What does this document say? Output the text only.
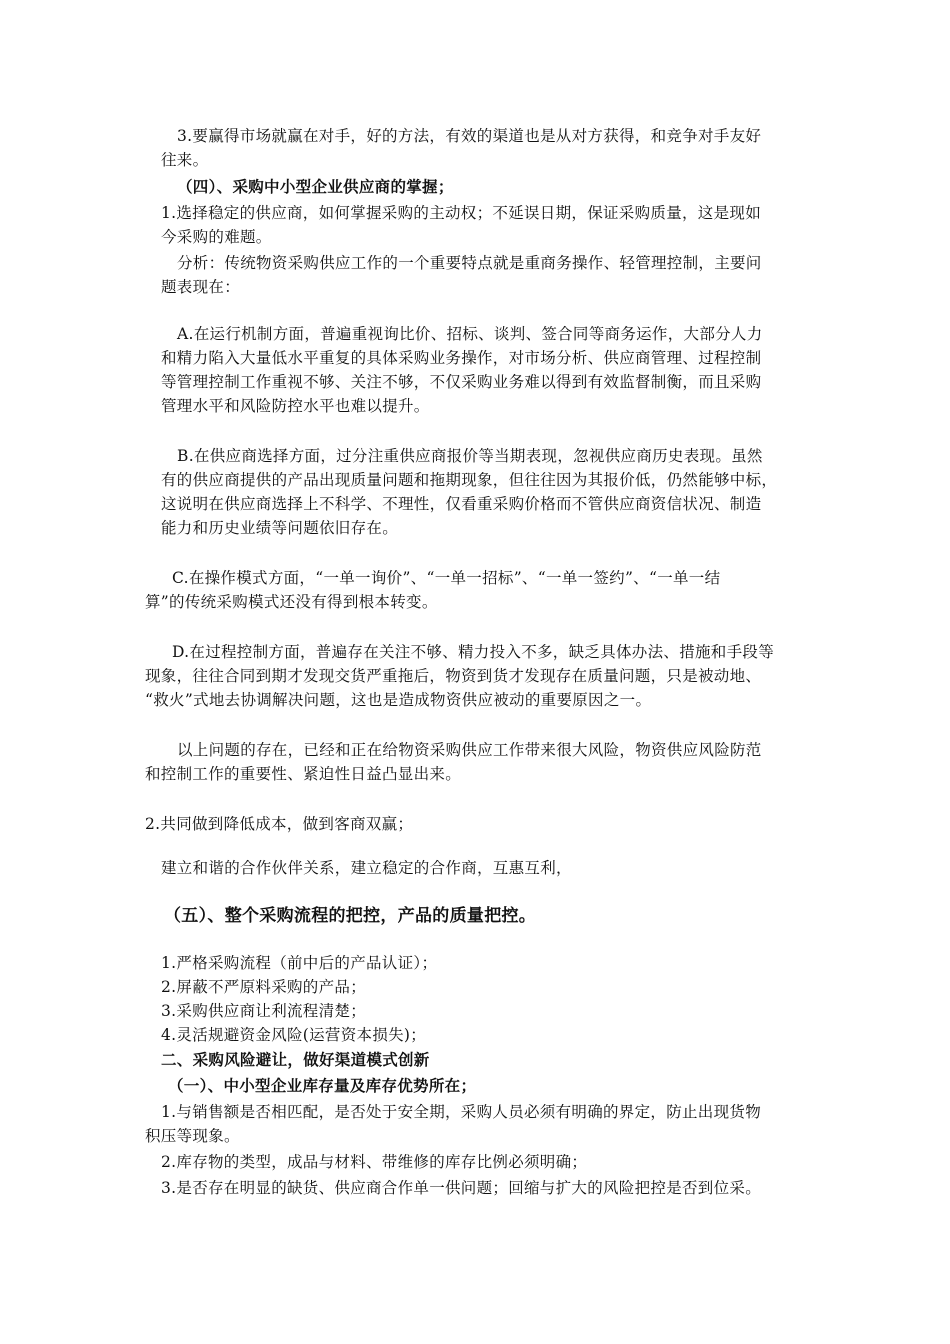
3.要赢得市场就赢在对手，好的方法，有效的渠道也是从对方获得，和竞争对手友好
往来。
（四）、采购中小型企业供应商的掌握；
1.选择稳定的供应商，如何掌握采购的主动权；不延误日期，保证采购质量，这是现如
今采购的难题。
分析：传统物资采购供应工作的一个重要特点就是重商务操作、轻管理控制，主要问
题表现在：
A.在运行机制方面，普遍重视询比价、招标、谈判、签合同等商务运作，大部分人力
和精力陷入大量低水平重复的具体采购业务操作，对市场分析、供应商管理、过程控制
等管理控制工作重视不够、关注不够，不仅采购业务难以得到有效监督制衡，而且采购
管理水平和风险防控水平也难以提升。
B.在供应商选择方面，过分注重供应商报价等当期表现，忽视供应商历史表现。虽然
有的供应商提供的产品出现质量问题和拖期现象，但往往因为其报价低，仍然能够中标，
这说明在供应商选择上不科学、不理性，仅看重采购价格而不管供应商资信状况、制造
能力和历史业绩等问题依旧存在。
C.在操作模式方面，“一单一询价”、“一单一招标”、“一单一签约”、“一单一结
算”的传统采购模式还没有得到根本转变。
D.在过程控制方面，普遍存在关注不够、精力投入不多，缺乏具体办法、措施和手段等
现象，往往合同到期才发现交货严重拖后，物资到货才发现存在质量问题，只是被动地、
“救火”式地去协调解决问题，这也是造成物资供应被动的重要原因之一。
以上问题的存在，已经和正在给物资采购供应工作带来很大风险，物资供应风险防范
和控制工作的重要性、紧迫性日益凸显出来。
2.共同做到降低成本，做到客商双赢；
建立和谐的合作伙伴关系，建立稳定的合作商，互惠互利，
（五）、整个采购流程的把控，产品的质量把控。
1.严格采购流程（前中后的产品认证）；
2.屏蔽不严原料采购的产品；
3.采购供应商让利流程清楚；
4.灵活规避资金风险(运营资本损失)；
二、采购风险避让，做好渠道模式创新
（一）、中小型企业库存量及库存优势所在；
1.与销售额是否相匹配，是否处于安全期，采购人员必须有明确的界定，防止出现货物
积压等现象。
2.库存物的类型，成品与材料、带维修的库存比例必须明确；
3.是否存在明显的缺货、供应商合作单一供问题；回缩与扩大的风险把控是否到位采。
